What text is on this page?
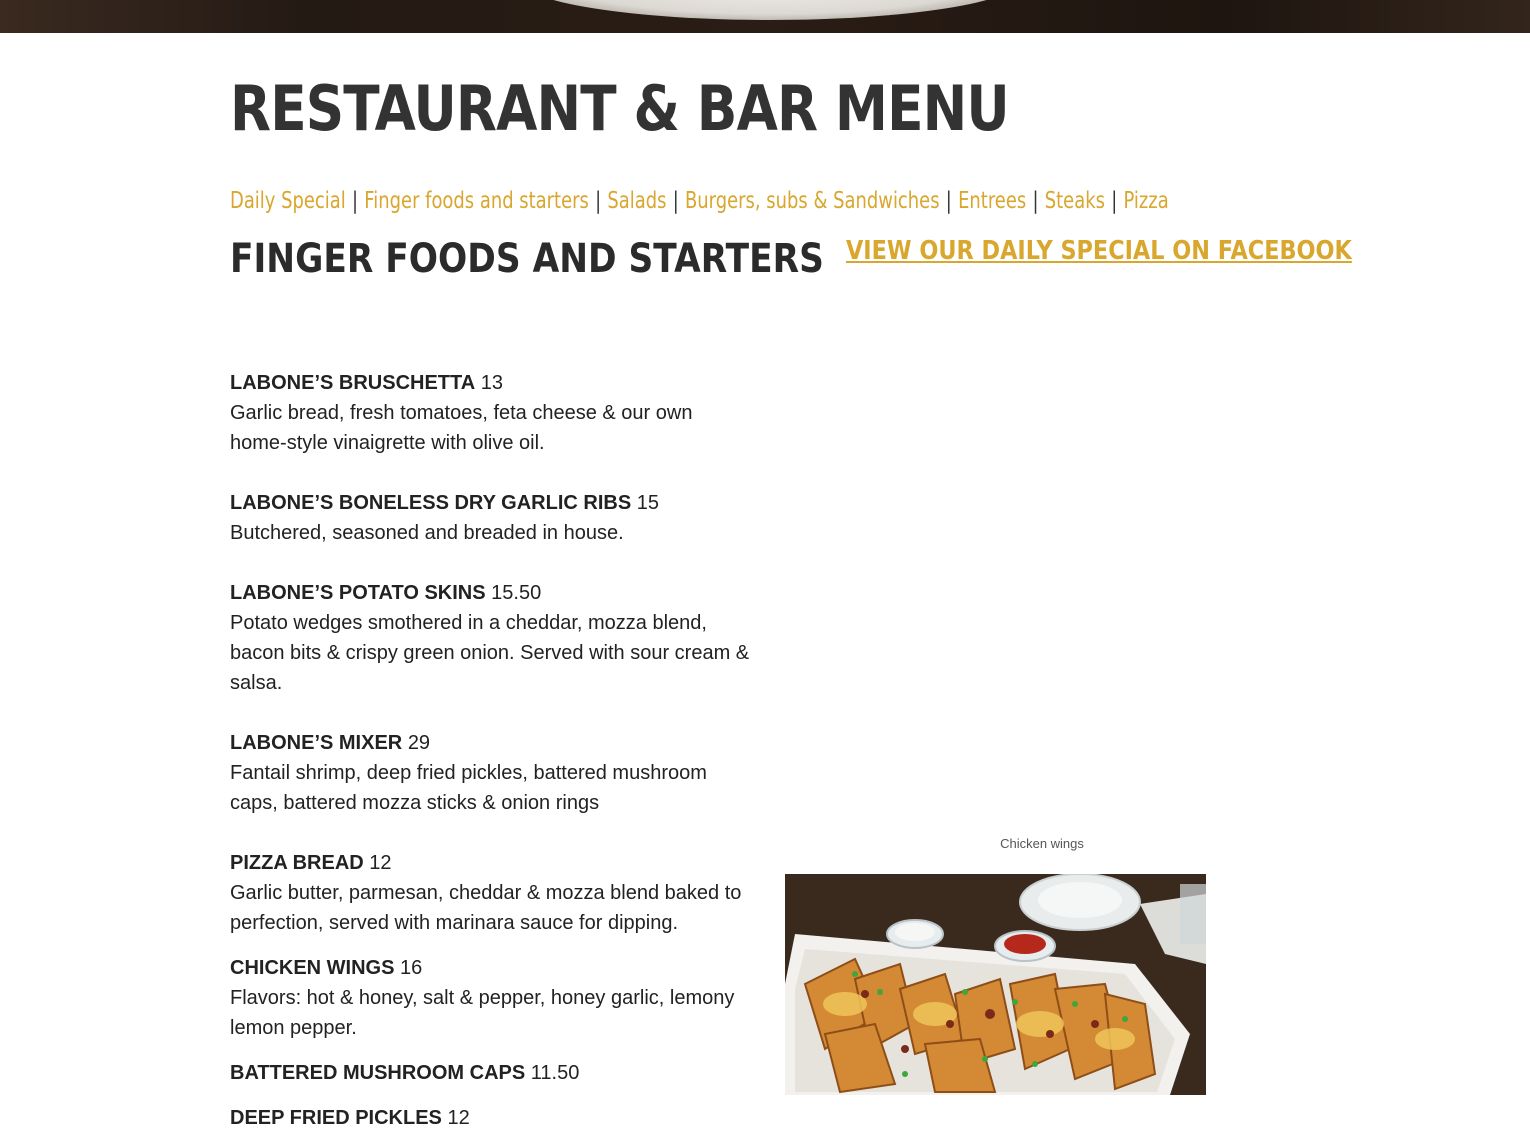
RESTAURANT & BAR MENU
Daily Special | Finger foods and starters | Salads | Burgers, subs & Sandwiches | Entrees | Steaks | Pizza
FINGER FOODS AND STARTERS VIEW OUR DAILY SPECIAL ON FACEBOOK
LABONE’S BRUSCHETTA 13
Garlic bread, fresh tomatoes, feta cheese & our own home-style vinaigrette with olive oil.
LABONE’S BONELESS DRY GARLIC RIBS 15
Butchered, seasoned and breaded in house.
LABONE’S POTATO SKINS 15.50
Potato wedges smothered in a cheddar, mozza blend, bacon bits & crispy green onion. Served with sour cream & salsa.
LABONE’S MIXER 29
Fantail shrimp, deep fried pickles, battered mushroom caps, battered mozza sticks & onion rings
PIZZA BREAD 12
Garlic butter, parmesan, cheddar & mozza blend baked to perfection, served with marinara sauce for dipping.
CHICKEN WINGS 16
Flavors: hot & honey, salt & pepper, honey garlic, lemony lemon pepper.
BATTERED MUSHROOM CAPS 11.50
DEEP FRIED PICKLES 12
Chicken wings
